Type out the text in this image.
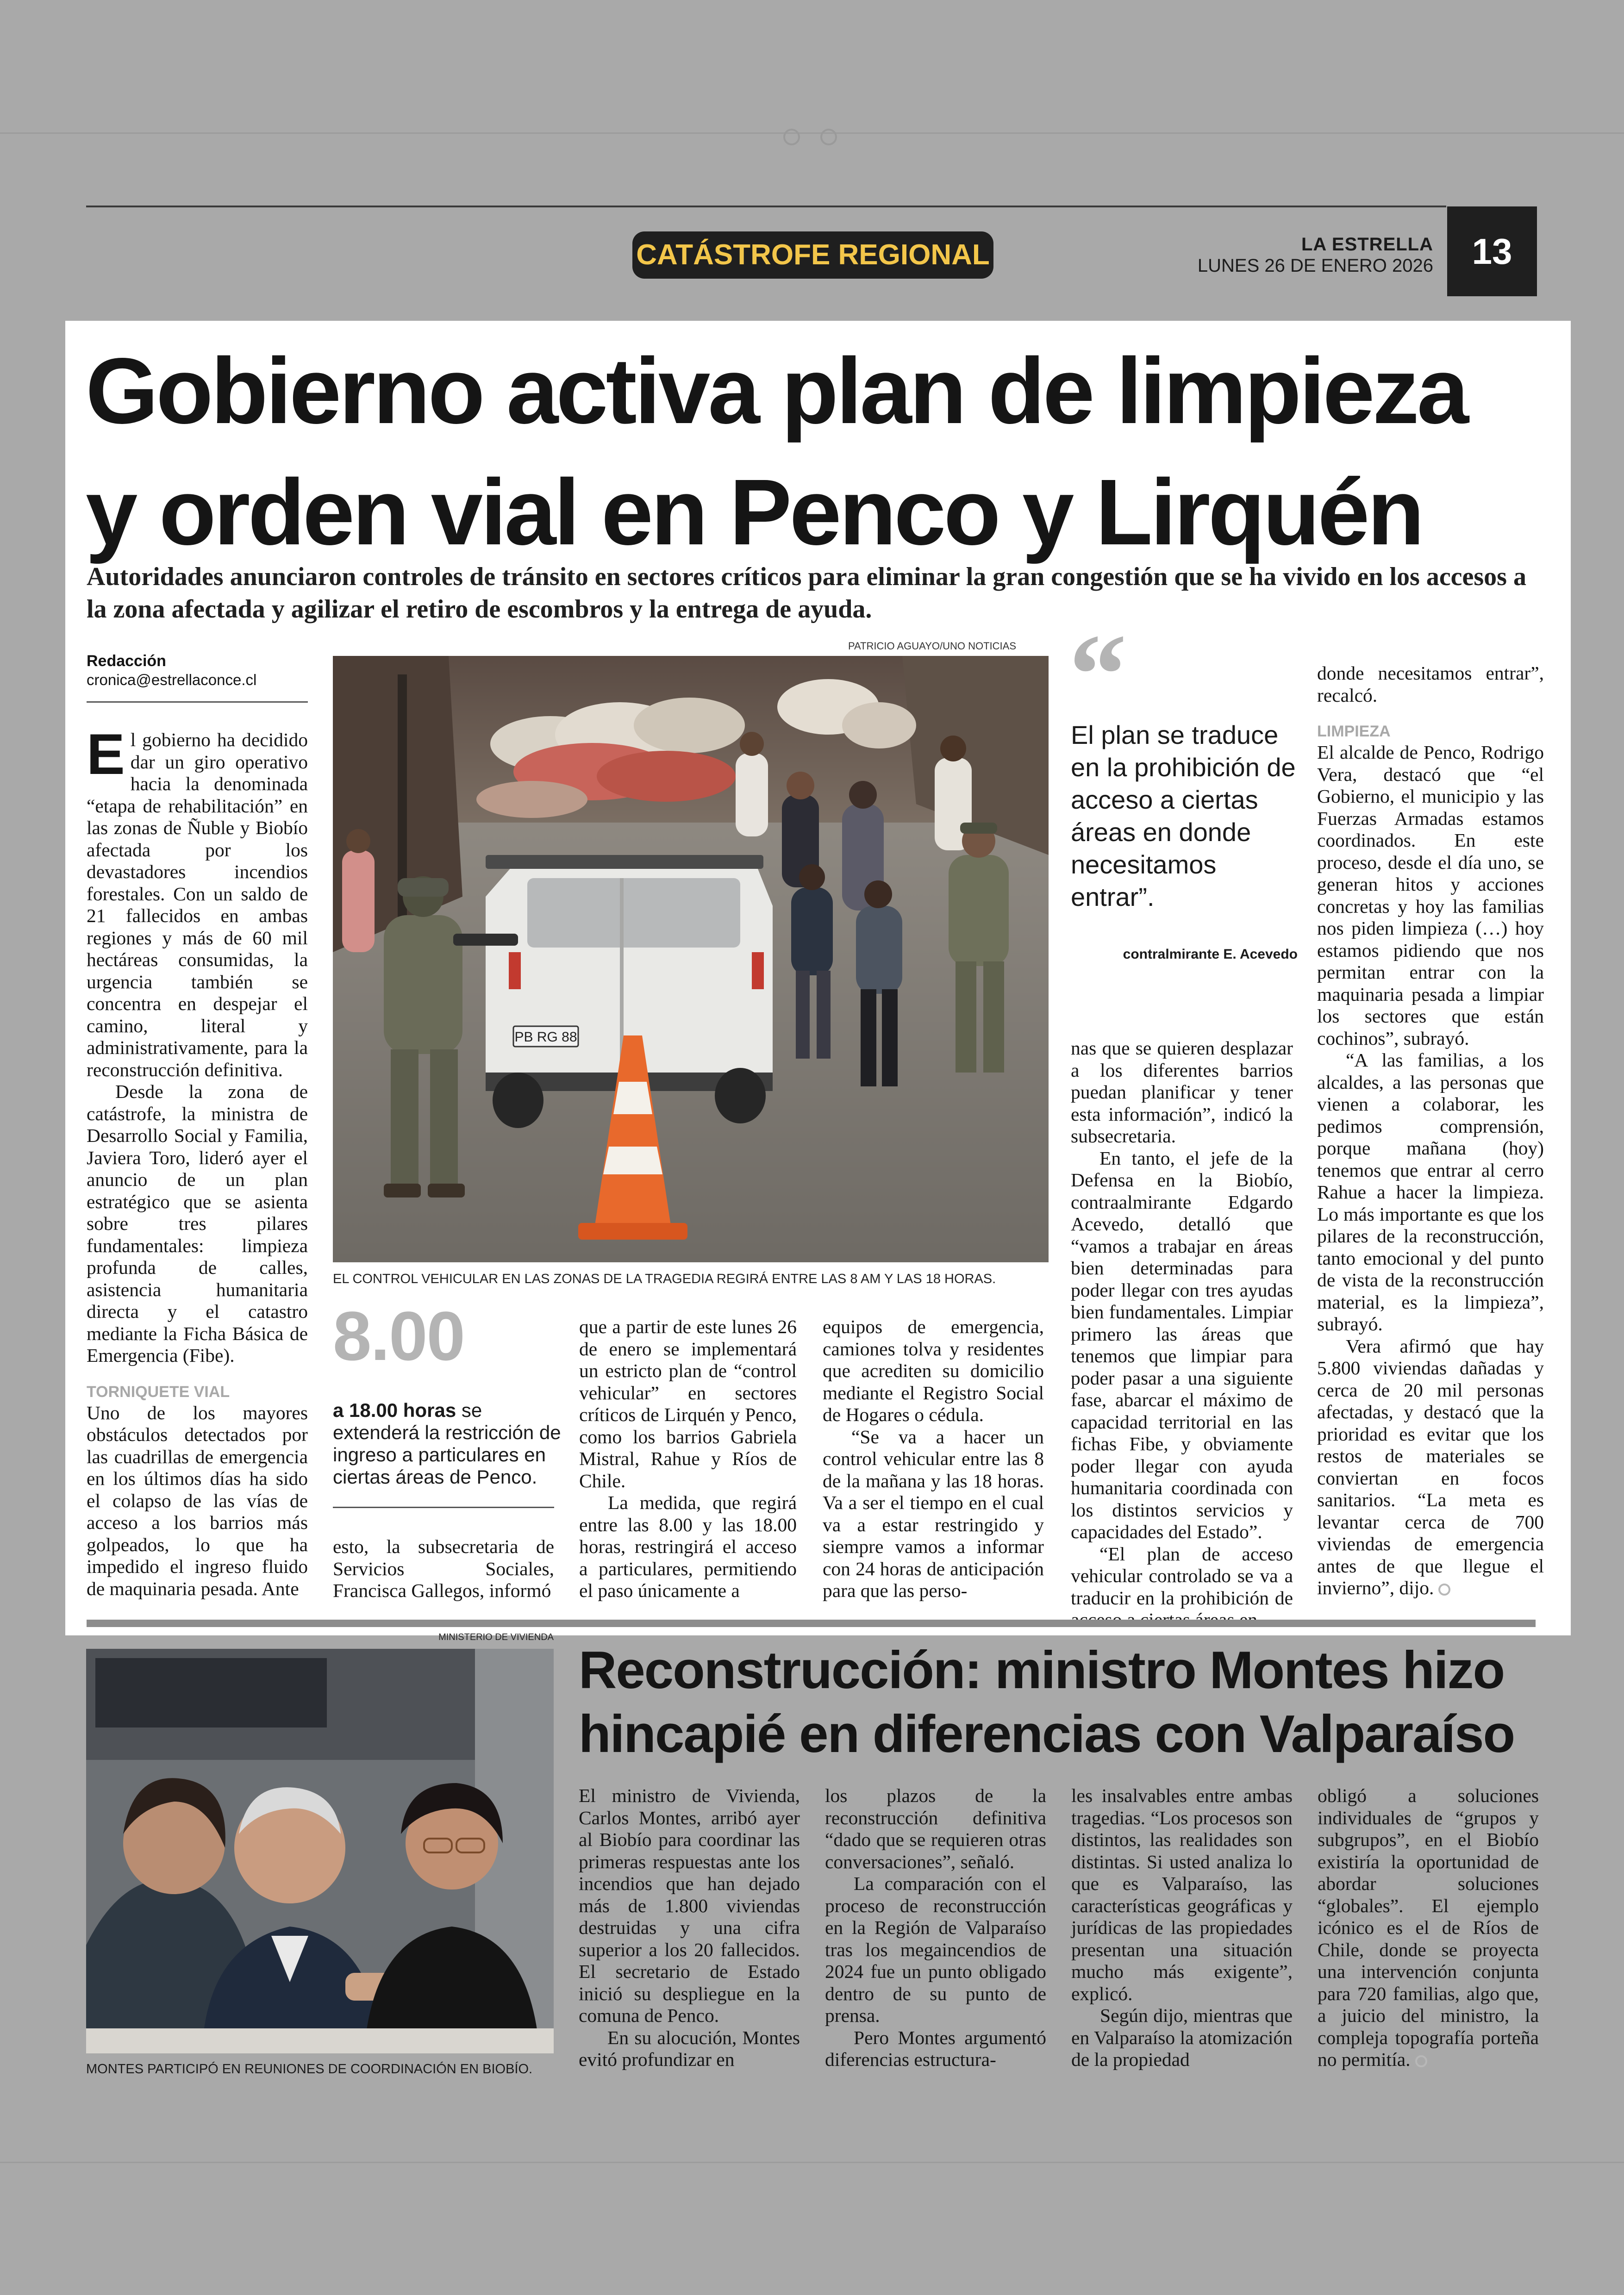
CATÁSTROFE REGIONAL	LA ESTRELLA
LUNES 26 DE ENERO 2026	13
Gobierno activa plan de limpieza
y orden vial en Penco y Lirquén
Autoridades anunciaron controles de tránsito en sectores críticos para eliminar la gran congestión que se ha vivido en los accesos a la zona afectada y agilizar el retiro de escombros y la entrega de ayuda.
Redacción
cronica@estrellaconce.cl

El gobierno ha decidido dar un giro operativo hacia la denominada “etapa de rehabilitación” en las zonas de Ñuble y Biobío afectada por los devastadores incendios forestales. Con un saldo de 21 fallecidos en ambas regiones y más de 60 mil hectáreas consumidas, la urgencia también se concentra en despejar el camino, literal y administrativamente, para la reconstrucción definitiva.

Desde la zona de catástrofe, la ministra de Desarrollo Social y Familia, Javiera Toro, lideró ayer el anuncio de un plan estratégico que se asienta sobre tres pilares fundamentales: limpieza profunda de calles, asistencia humanitaria directa y el catastro mediante la Ficha Básica de Emergencia (Fibe).

TORNIQUETE VIAL

Uno de los mayores obstáculos detectados por las cuadrillas de emergencia en los últimos días ha sido el colapso de las vías de acceso a los barrios más golpeados, lo que ha impedido el ingreso fluido de maquinaria pesada. Ante

PATRICIO AGUAYO/UNO NOTICIAS
PB RG 88
EL CONTROL VEHICULAR EN LAS ZONAS DE LA TRAGEDIA REGIRÁ ENTRE LAS 8 AM Y LAS 18 HORAS.
8.00
a 18.00 horas se extenderá la restricción de ingreso a particulares en ciertas áreas de Penco.

esto, la subsecretaria de Servicios Sociales, Francisca Gallegos, informó

que a partir de este lunes 26 de enero se implementará un estricto plan de “control vehicular” en sectores críticos de Lirquén y Penco, como los barrios Gabriela Mistral, Rahue y Ríos de Chile.

La medida, que regirá entre las 8.00 y las 18.00 horas, restringirá el acceso a particulares, permitiendo el paso únicamente a

equipos de emergencia, camiones tolva y residentes que acrediten su domicilio mediante el Registro Social de Hogares o cédula.

“Se va a hacer un control vehicular entre las 8 de la mañana y las 18 horas. Va a ser el tiempo en el cual va a estar restringido y siempre vamos a informar con 24 horas de anticipación para que las perso-

“
El plan se traduce en la prohibición de acceso a ciertas áreas en donde necesitamos entrar”.
contralmirante E. Acevedo

nas que se quieren desplazar a los diferentes barrios puedan planificar y tener esta información”, indicó la subsecretaria.

En tanto, el jefe de la Defensa en la Biobío, contraalmirante Edgardo Acevedo, detalló que “vamos a trabajar en áreas bien determinadas para poder llegar con tres ayudas bien fundamentales. Limpiar primero las áreas que tenemos que limpiar para poder pasar a una siguiente fase, abarcar el máximo de capacidad territorial en las fichas Fibe, y obviamente poder llegar con ayuda humanitaria coordinada con los distintos servicios y capacidades del Estado”.

“El plan de acceso vehicular controlado se va a traducir en la prohibición de

donde necesitamos entrar”, recalcó.

LIMPIEZA

El alcalde de Penco, Rodrigo Vera, destacó que “el Gobierno, el municipio y las Fuerzas Armadas estamos coordinados. En este proceso, desde el día uno, se generan hitos y acciones concretas y hoy las familias nos piden limpieza (…) hoy estamos pidiendo que nos permitan entrar con la maquinaria pesada a limpiar los sectores que están cochinos”, subrayó.

“A las familias, a los alcaldes, a las personas que vienen a colaborar, les pedimos comprensión, porque mañana (hoy) tenemos que entrar al cerro Rahue a hacer la limpieza. Lo más importante es que los pilares de la reconstrucción, tanto emocional y del punto de vista de la reconstrucción material, es la limpieza”, subrayó.

Vera afirmó que hay 5.800 viviendas dañadas y cerca de 20 mil personas afectadas, y destacó que la prioridad es evitar que los restos de materiales se conviertan en focos sanitarios. “La meta es levantar cerca de 700 viviendas de emergencia antes de que llegue el invierno”, dijo.

MINISTERIO DE VIVIENDA
MONTES PARTICIPÓ EN REUNIONES DE COORDINACIÓN EN BIOBÍO.
Reconstrucción: ministro Montes hizo
hincapié en diferencias con Valparaíso

El ministro de Vivienda, Carlos Montes, arribó ayer al Biobío para coordinar las primeras respuestas ante los incendios que han dejado más de 1.800 viviendas destruidas y una cifra superior a los 20 fallecidos. El secretario de Estado inició su despliegue en la comuna de Penco.

En su alocución, Montes evitó profundizar en

los plazos de la reconstrucción definitiva “dado que se requieren otras conversaciones”, señaló.

La comparación con el proceso de reconstrucción en la Región de Valparaíso tras los megaincendios de 2024 fue un punto obligado dentro de su punto de prensa.

Pero Montes argumentó diferencias estructura-

les insalvables entre ambas tragedias. “Los procesos son distintos, las realidades son distintas. Si usted analiza lo que es Valparaíso, las características geográficas y jurídicas de las propiedades presentan una situación mucho más exigente”, explicó.

Según dijo, mientras que en Valparaíso la atomización de la propiedad

obligó a soluciones individuales de “grupos y subgrupos”, en el Biobío existiría la oportunidad de abordar soluciones “globales”. El ejemplo icónico es el de Ríos de Chile, donde se proyecta una intervención conjunta para 720 familias, algo que, a juicio del ministro, la compleja topografía porteña no permitía.
